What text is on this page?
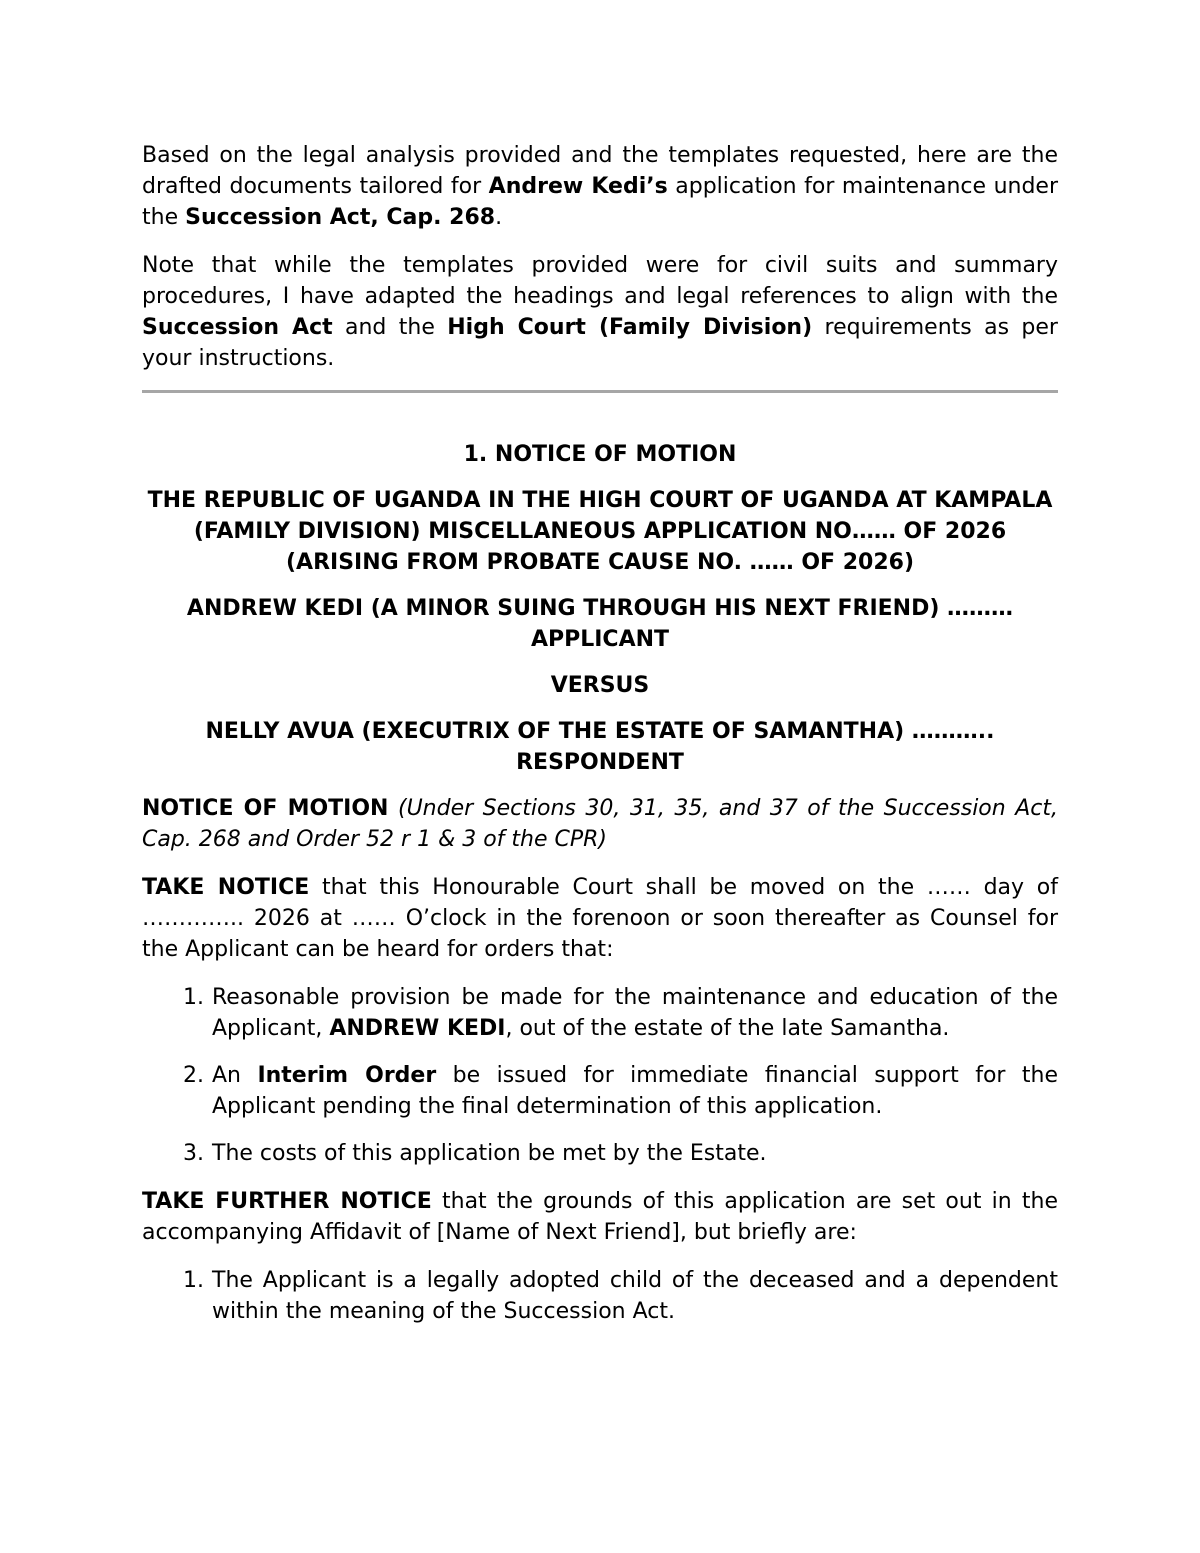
Based on the legal analysis provided and the templates requested, here are the drafted documents tailored for Andrew Kedi’s application for maintenance under the Succession Act, Cap. 268.

Note that while the templates provided were for civil suits and summary procedures, I have adapted the headings and legal references to align with the Succession Act and the High Court (Family Division) requirements as per your instructions.

1. NOTICE OF MOTION

THE REPUBLIC OF UGANDA IN THE HIGH COURT OF UGANDA AT KAMPALA (FAMILY DIVISION) MISCELLANEOUS APPLICATION NO…… OF 2026 (ARISING FROM PROBATE CAUSE NO. …… OF 2026)

ANDREW KEDI (A MINOR SUING THROUGH HIS NEXT FRIEND) ……… APPLICANT

VERSUS

NELLY AVUA (EXECUTRIX OF THE ESTATE OF SAMANTHA) ……….. RESPONDENT

NOTICE OF MOTION (Under Sections 30, 31, 35, and 37 of the Succession Act, Cap. 268 and Order 52 r 1 & 3 of the CPR)

TAKE NOTICE that this Honourable Court shall be moved on the …… day of ………….. 2026 at …… O’clock in the forenoon or soon thereafter as Counsel for the Applicant can be heard for orders that:

1. Reasonable provision be made for the maintenance and education of the Applicant, ANDREW KEDI, out of the estate of the late Samantha.
2. An Interim Order be issued for immediate financial support for the Applicant pending the final determination of this application.
3. The costs of this application be met by the Estate.

TAKE FURTHER NOTICE that the grounds of this application are set out in the accompanying Affidavit of [Name of Next Friend], but briefly are:

1. The Applicant is a legally adopted child of the deceased and a dependent within the meaning of the Succession Act.
